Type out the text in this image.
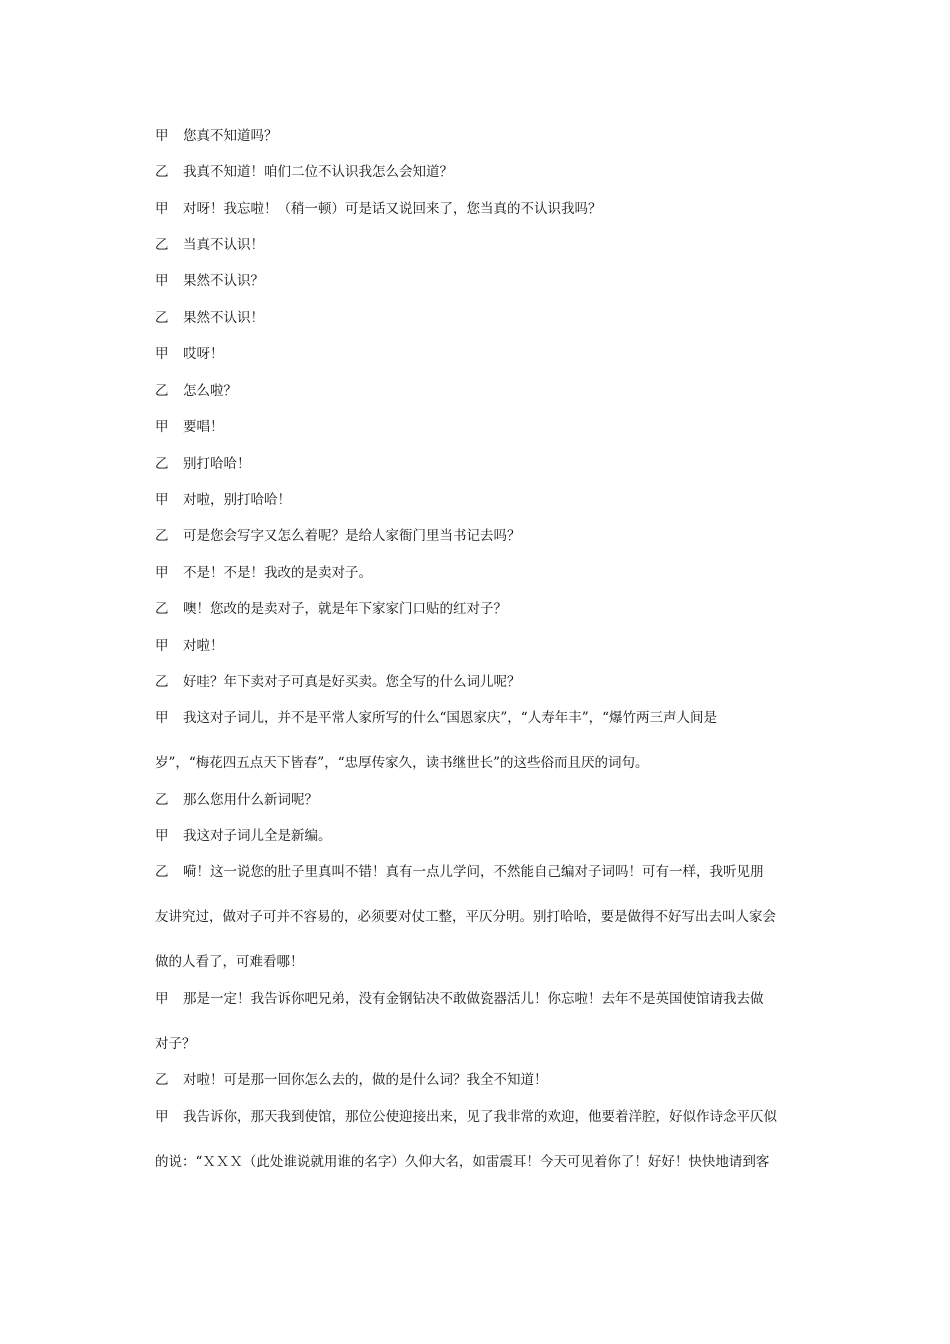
甲 您真不知道吗？
乙 我真不知道！咱们二位不认识我怎么会知道？
甲 对呀！我忘啦！（稍一顿）可是话又说回来了，您当真的不认识我吗？
乙 当真不认识！
甲 果然不认识？
乙 果然不认识！
甲 哎呀！
乙 怎么啦？
甲 要唱！
乙 别打哈哈！
甲 对啦，别打哈哈！
乙 可是您会写字又怎么着呢？是给人家衙门里当书记去吗？
甲 不是！不是！我改的是卖对子。
乙 噢！您改的是卖对子，就是年下家家门口贴的红对子？
甲 对啦！
乙 好哇？年下卖对子可真是好买卖。您全写的什么词儿呢？
甲 我这对子词儿，并不是平常人家所写的什么“国恩家庆”，“人寿年丰”，“爆竹两三声人间是
岁”，“梅花四五点天下皆春”，“忠厚传家久，读书继世长”的这些俗而且厌的词句。
乙 那么您用什么新词呢？
甲 我这对子词儿全是新编。
乙 嗬！这一说您的肚子里真叫不错！真有一点儿学问，不然能自己编对子词吗！可有一样，我听见朋
友讲究过，做对子可并不容易的，必须要对仗工整，平仄分明。别打哈哈，要是做得不好写出去叫人家会
做的人看了，可难看哪！
甲 那是一定！我告诉你吧兄弟，没有金钢钻决不敢做瓷器活儿！你忘啦！去年不是英国使馆请我去做
对子？
乙 对啦！可是那一回你怎么去的，做的是什么词？我全不知道！
甲 我告诉你，那天我到使馆，那位公使迎接出来，见了我非常的欢迎，他要着洋腔，好似作诗念平仄似
的说：“ＸＸＸ（此处谁说就用谁的名字）久仰大名，如雷震耳！今天可见着你了！好好！快快地请到客
